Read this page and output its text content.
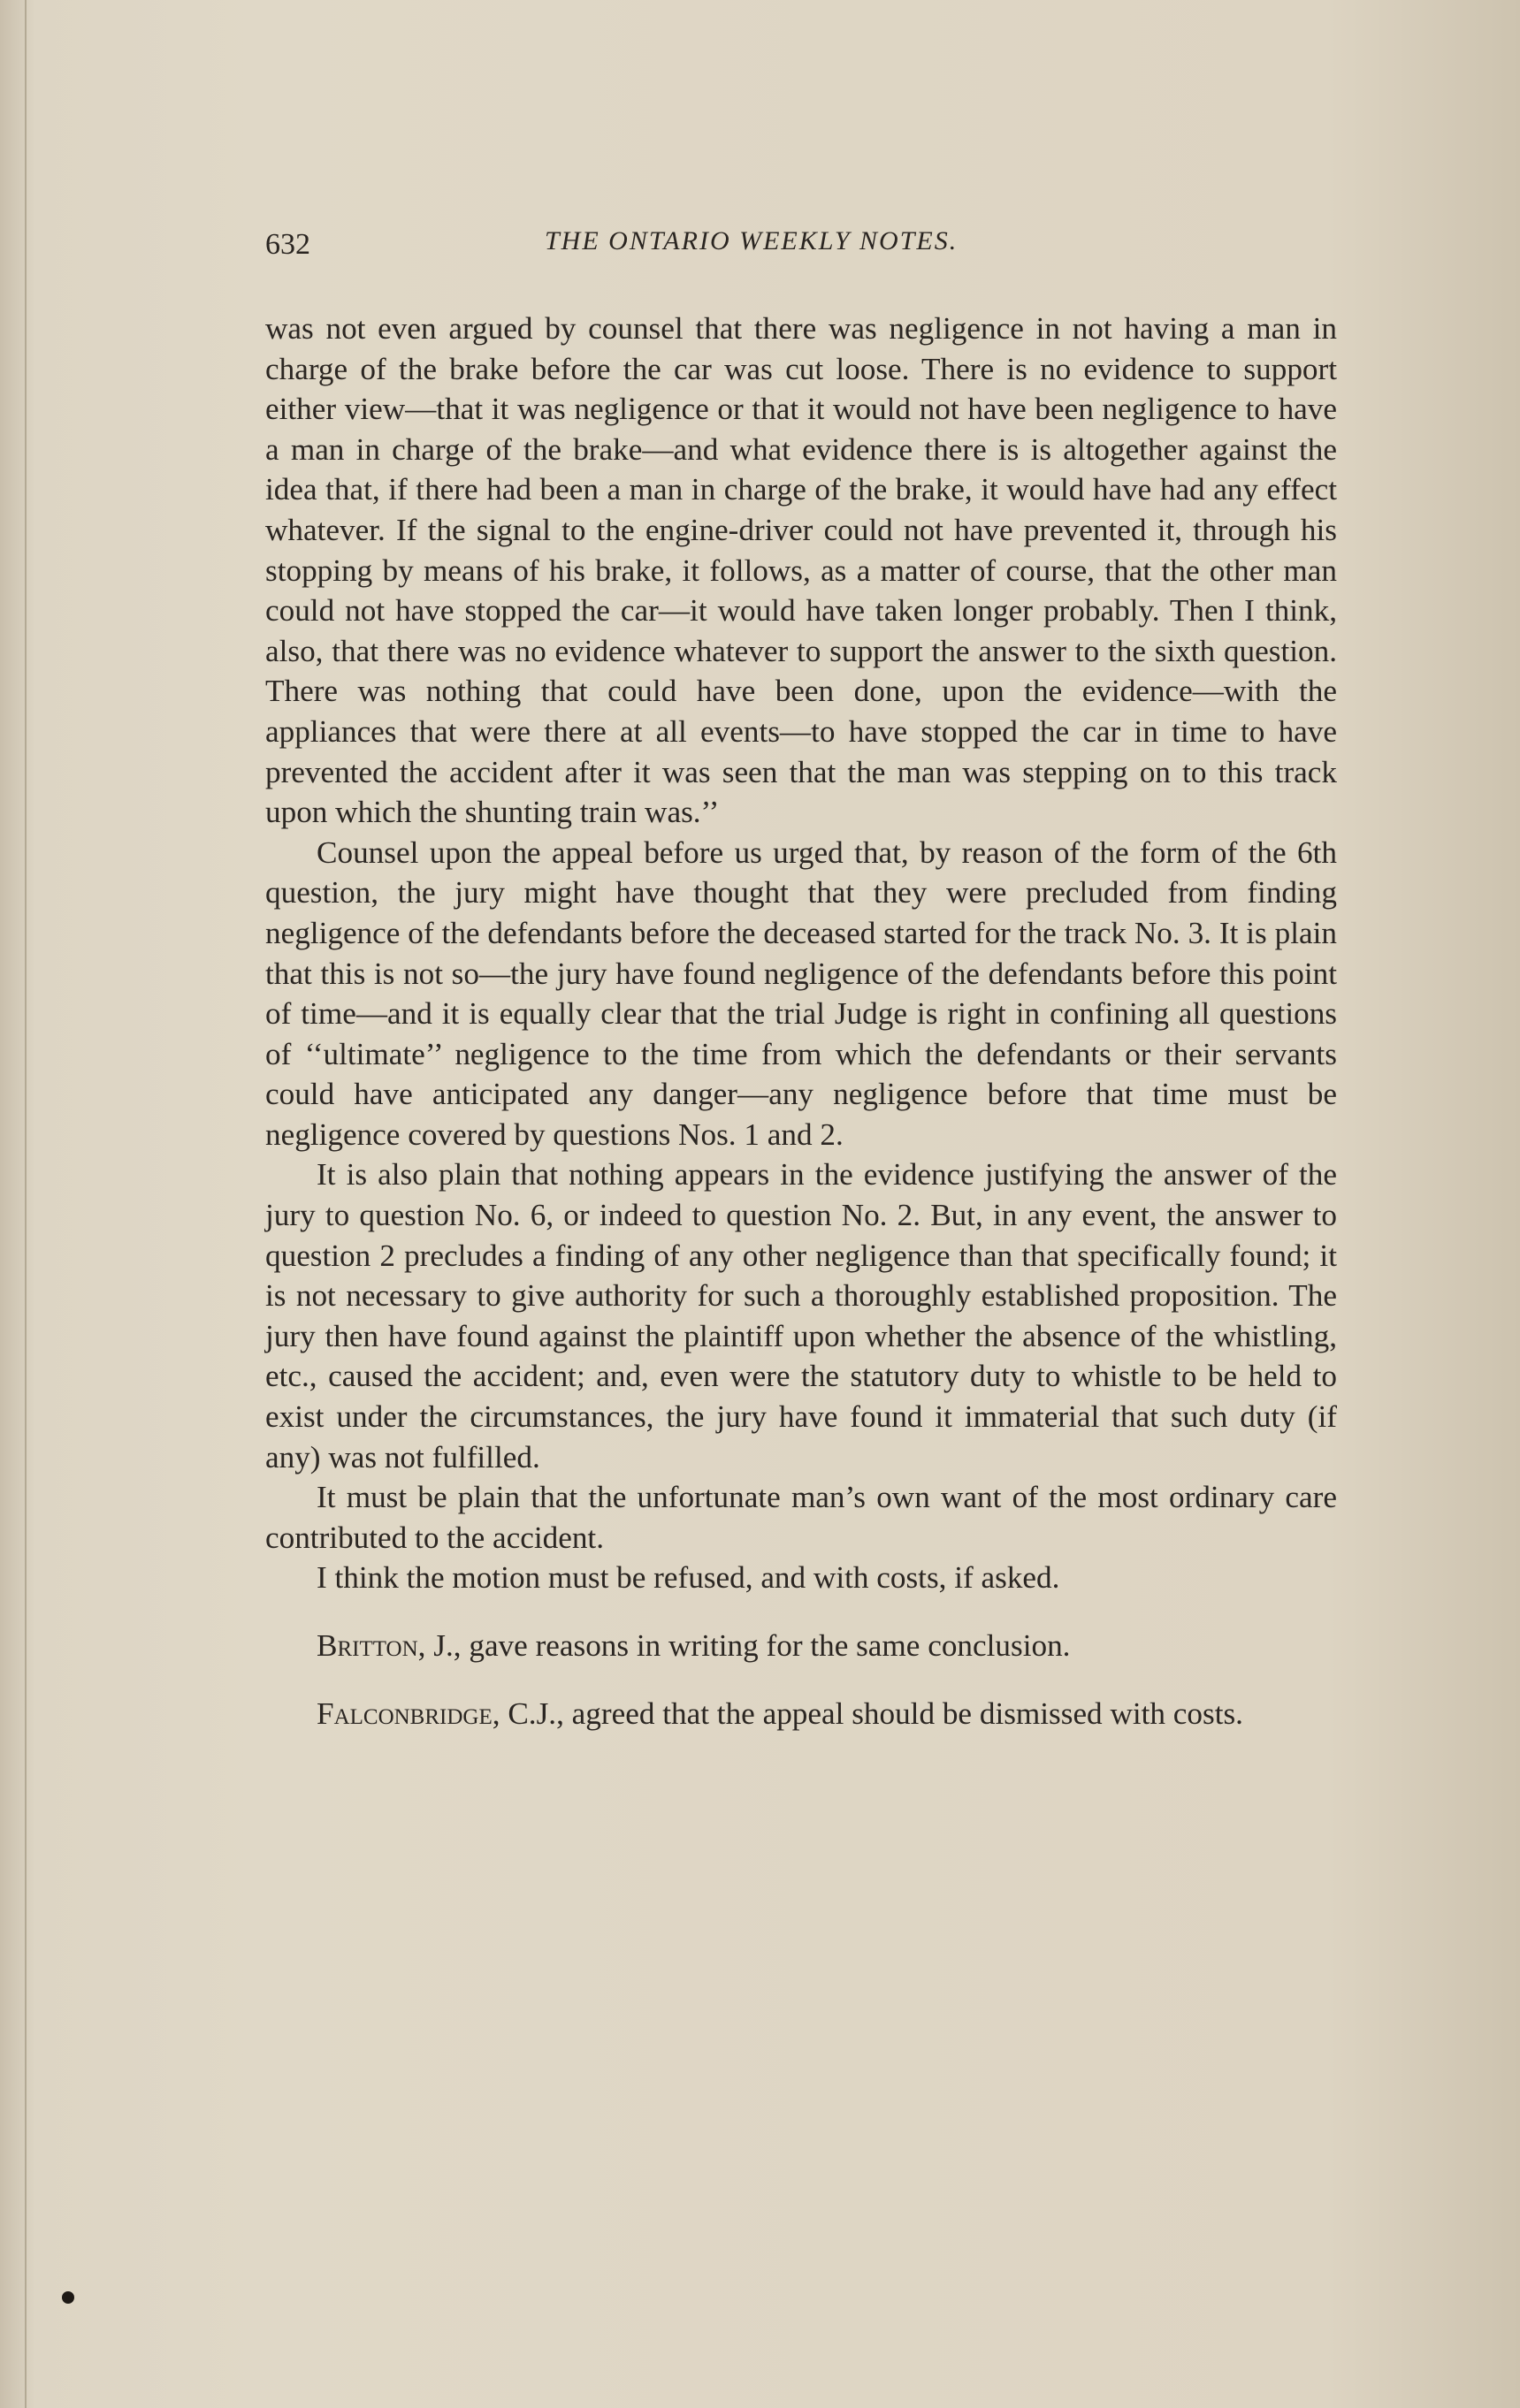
632	THE ONTARIO WEEKLY NOTES.

was not even argued by counsel that there was negligence in not having a man in charge of the brake before the car was cut loose. There is no evidence to support either view—that it was negligence or that it would not have been negligence to have a man in charge of the brake—and what evidence there is is altogether against the idea that, if there had been a man in charge of the brake, it would have had any effect whatever. If the signal to the engine-driver could not have prevented it, through his stopping by means of his brake, it follows, as a matter of course, that the other man could not have stopped the car—it would have taken longer probably. Then I think, also, that there was no evidence whatever to support the answer to the sixth question. There was nothing that could have been done, upon the evidence—with the appliances that were there at all events—to have stopped the car in time to have prevented the accident after it was seen that the man was stepping on to this track upon which the shunting train was.’’

Counsel upon the appeal before us urged that, by reason of the form of the 6th question, the jury might have thought that they were precluded from finding negligence of the defendants before the deceased started for the track No. 3. It is plain that this is not so—the jury have found negligence of the defendants before this point of time—and it is equally clear that the trial Judge is right in confining all questions of ‘‘ultimate’’ negligence to the time from which the defendants or their servants could have anticipated any danger—any negligence before that time must be negligence covered by questions Nos. 1 and 2.

It is also plain that nothing appears in the evidence justifying the answer of the jury to question No. 6, or indeed to question No. 2. But, in any event, the answer to question 2 precludes a finding of any other negligence than that specifically found; it is not necessary to give authority for such a thoroughly established proposition. The jury then have found against the plaintiff upon whether the absence of the whistling, etc., caused the accident; and, even were the statutory duty to whistle to be held to exist under the circumstances, the jury have found it immaterial that such duty (if any) was not fulfilled.

It must be plain that the unfortunate man’s own want of the most ordinary care contributed to the accident.

I think the motion must be refused, and with costs, if asked.

Britton, J., gave reasons in writing for the same conclusion.

Falconbridge, C.J., agreed that the appeal should be dismissed with costs.
